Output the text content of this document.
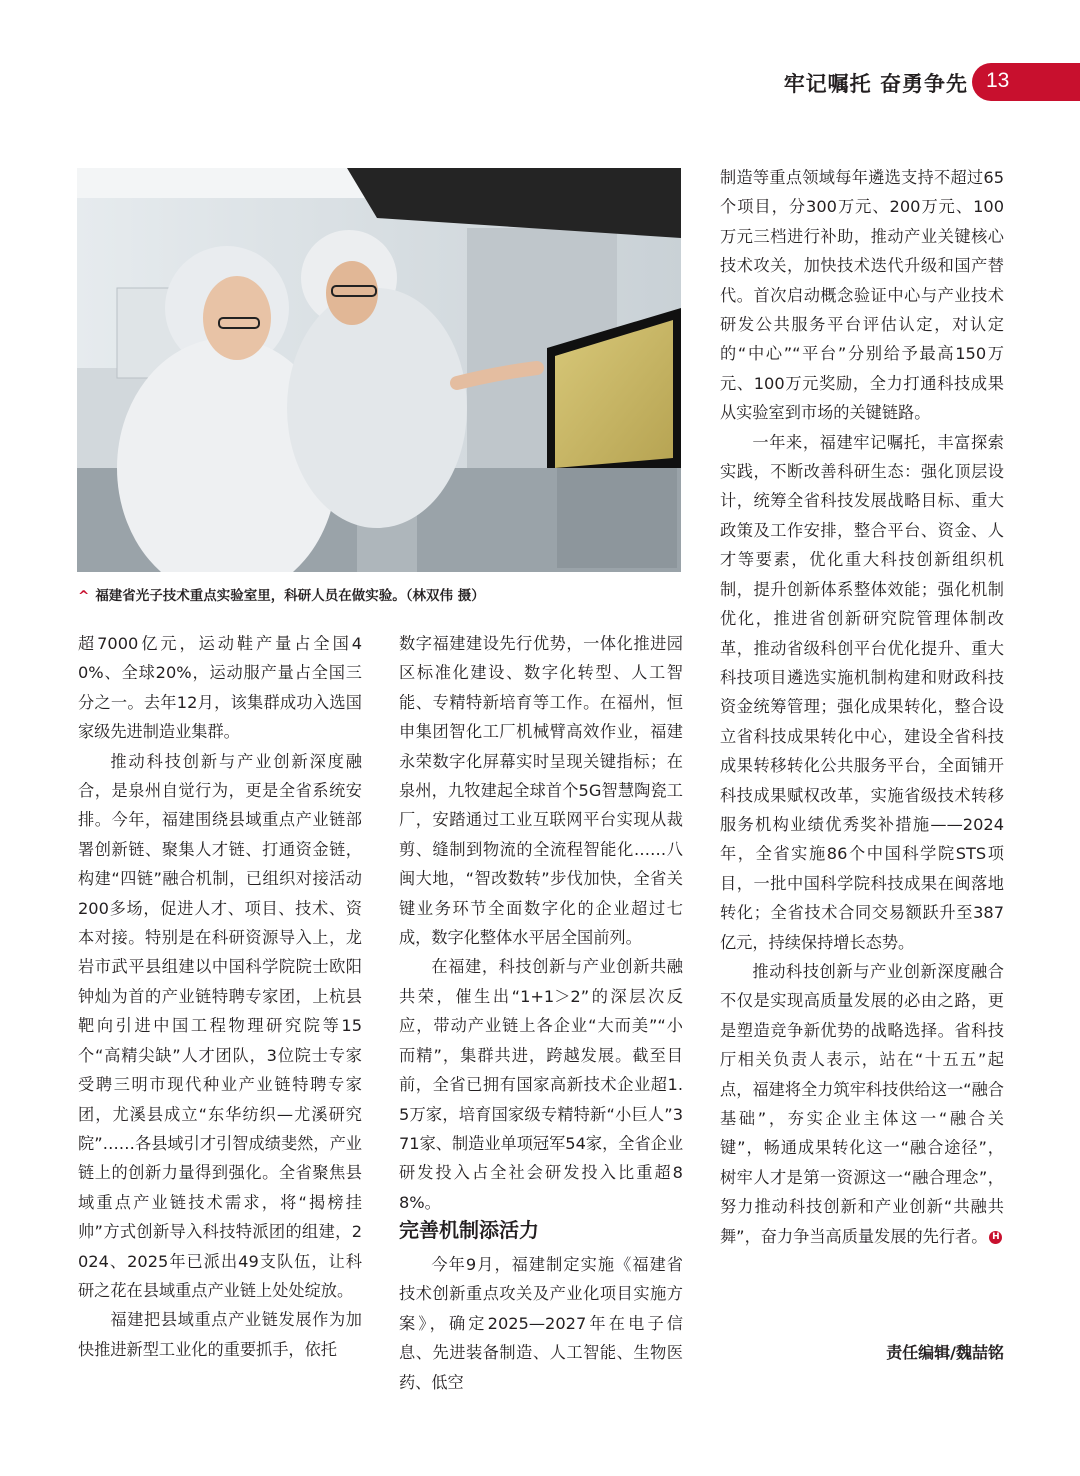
牢记嘱托 奋勇争先 13
^ 福建省光子技术重点实验室里，科研人员在做实验。（林双伟 摄）

超7000亿元，运动鞋产量占全国40%、全球20%，运动服产量占全国三分之一。去年12月，该集群成功入选国家级先进制造业集群。

推动科技创新与产业创新深度融合，是泉州自觉行为，更是全省系统安排。今年，福建围绕县域重点产业链部署创新链、聚集人才链、打通资金链，构建“四链”融合机制，已组织对接活动200多场，促进人才、项目、技术、资本对接。特别是在科研资源导入上，龙岩市武平县组建以中国科学院院士欧阳钟灿为首的产业链特聘专家团，上杭县靶向引进中国工程物理研究院等15个“高精尖缺”人才团队，3位院士专家受聘三明市现代种业产业链特聘专家团，尤溪县成立“东华纺织—尤溪研究院”……各县域引才引智成绩斐然，产业链上的创新力量得到强化。全省聚焦县域重点产业链技术需求，将“揭榜挂帅”方式创新导入科技特派团的组建，2024、2025年已派出49支队伍，让科研之花在县域重点产业链上处处绽放。

福建把县域重点产业链发展作为加快推进新型工业化的重要抓手，依托

数字福建建设先行优势，一体化推进园区标准化建设、数字化转型、人工智能、专精特新培育等工作。在福州，恒申集团智化工厂机械臂高效作业，福建永荣数字化屏幕实时呈现关键指标；在泉州，九牧建起全球首个5G智慧陶瓷工厂，安踏通过工业互联网平台实现从裁剪、缝制到物流的全流程智能化……八闽大地，“智改数转”步伐加快，全省关键业务环节全面数字化的企业超过七成，数字化整体水平居全国前列。

在福建，科技创新与产业创新共融共荣，催生出“1+1＞2”的深层次反应，带动产业链上各企业“大而美”“小而精”，集群共进，跨越发展。截至目前，全省已拥有国家高新技术企业超1.5万家，培育国家级专精特新“小巨人”371家、制造业单项冠军54家，全省企业研发投入占全社会研发投入比重超88%。

完善机制添活力

今年9月，福建制定实施《福建省技术创新重点攻关及产业化项目实施方案》，确定2025—2027年在电子信息、先进装备制造、人工智能、生物医药、低空

制造等重点领域每年遴选支持不超过65个项目，分300万元、200万元、100万元三档进行补助，推动产业关键核心技术攻关，加快技术迭代升级和国产替代。首次启动概念验证中心与产业技术研发公共服务平台评估认定，对认定的“中心”“平台”分别给予最高150万元、100万元奖励，全力打通科技成果从实验室到市场的关键链路。

一年来，福建牢记嘱托，丰富探索实践，不断改善科研生态：强化顶层设计，统筹全省科技发展战略目标、重大政策及工作安排，整合平台、资金、人才等要素，优化重大科技创新组织机制，提升创新体系整体效能；强化机制优化，推进省创新研究院管理体制改革，推动省级科创平台优化提升、重大科技项目遴选实施机制构建和财政科技资金统筹管理；强化成果转化，整合设立省科技成果转化中心，建设全省科技成果转移转化公共服务平台，全面铺开科技成果赋权改革，实施省级技术转移服务机构业绩优秀奖补措施——2024年，全省实施86个中国科学院STS项目，一批中国科学院科技成果在闽落地转化；全省技术合同交易额跃升至387亿元，持续保持增长态势。

推动科技创新与产业创新深度融合不仅是实现高质量发展的必由之路，更是塑造竞争新优势的战略选择。省科技厅相关负责人表示，站在“十五五”起点，福建将全力筑牢科技供给这一“融合基础”，夯实企业主体这一“融合关键”，畅通成果转化这一“融合途径”，树牢人才是第一资源这一“融合理念”，努力推动科技创新和产业创新“共融共舞”，奋力争当高质量发展的先行者。 H

责任编辑/魏喆铭
